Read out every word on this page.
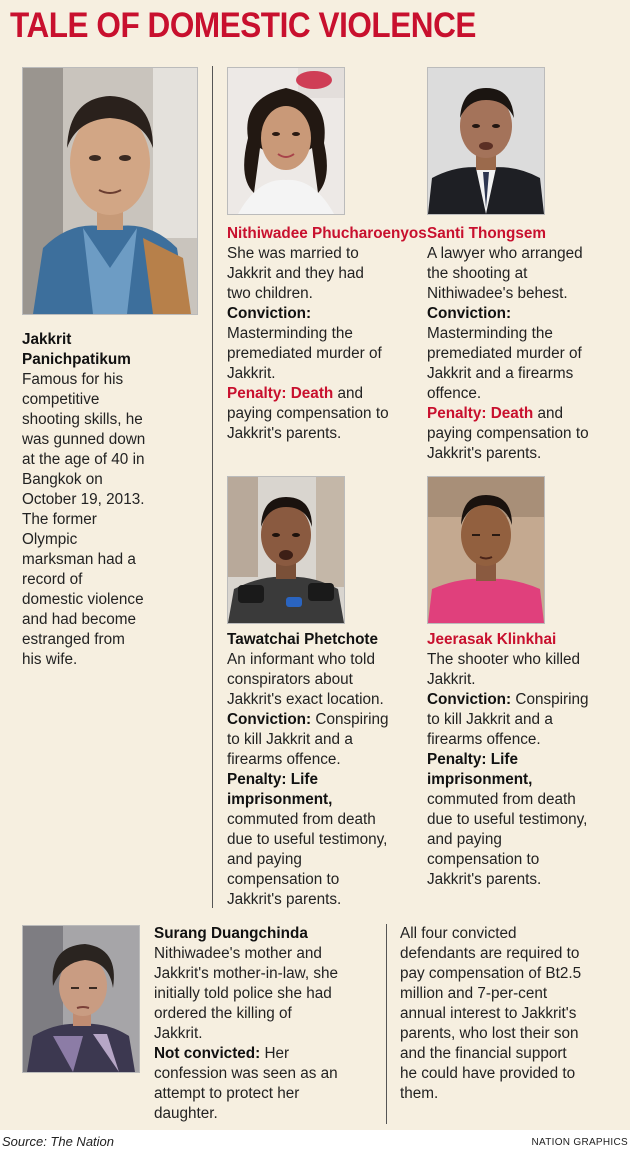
TALE OF DOMESTIC VIOLENCE
Jakkrit
Panichpatikum
Famous for his
competitive
shooting skills, he
was gunned down
at the age of 40 in
Bangkok on
October 19, 2013.
The former
Olympic
marksman had a
record of
domestic violence
and had become
estranged from
his wife.
Nithiwadee Phucharoenyos
She was married to
Jakkrit and they had
two children.
Conviction:
Masterminding the
premediated murder of
Jakkrit.
Penalty: Death and
paying compensation to
Jakkrit's parents.
Santi Thongsem
A lawyer who arranged
the shooting at
Nithiwadee's behest.
Conviction:
Masterminding the
premediated murder of
Jakkrit and a firearms
offence.
Penalty: Death and
paying compensation to
Jakkrit's parents.
Tawatchai Phetchote
An informant who told
conspirators about
Jakkrit's exact location.
Conviction: Conspiring
to kill Jakkrit and a
firearms offence.
Penalty: Life
imprisonment,
commuted from death
due to useful testimony,
and paying
compensation to
Jakkrit's parents.
Jeerasak Klinkhai
The shooter who killed
Jakkrit.
Conviction: Conspiring
to kill Jakkrit and a
firearms offence.
Penalty: Life
imprisonment,
commuted from death
due to useful testimony,
and paying
compensation to
Jakkrit's parents.
Surang Duangchinda
Nithiwadee's mother and
Jakkrit's mother-in-law, she
initially told police she had
ordered the killing of
Jakkrit.
Not convicted: Her
confession was seen as an
attempt to protect her
daughter.
All four convicted
defendants are required to
pay compensation of Bt2.5
million and 7-per-cent
annual interest to Jakkrit's
parents, who lost their son
and the financial support
he could have provided to
them.
Source: The Nation	NATION GRAPHICS
